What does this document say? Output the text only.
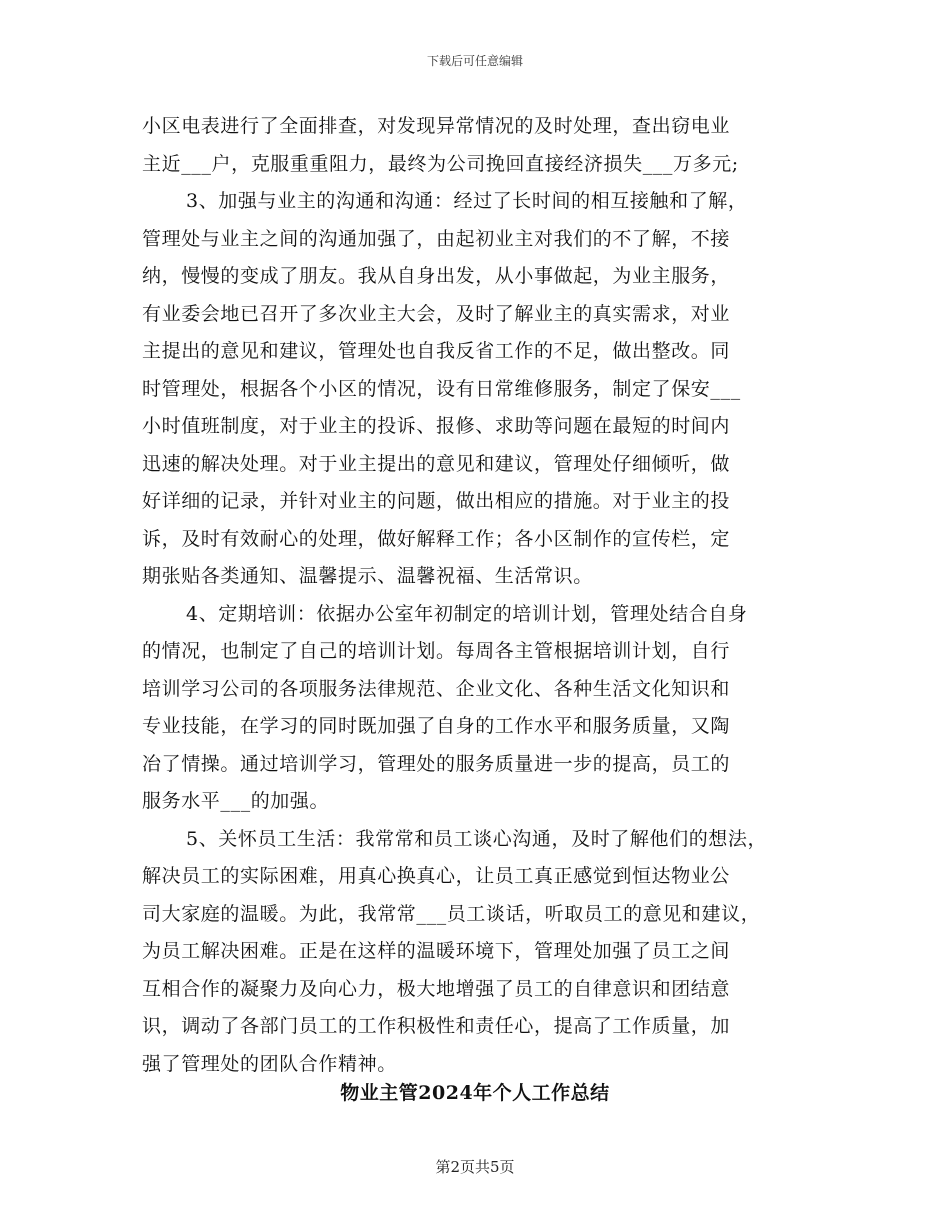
下载后可任意编辑
小区电表进行了全面排查，对发现异常情况的及时处理，查出窃电业
主近___户，克服重重阻力，最终为公司挽回直接经济损失___万多元;
3、加强与业主的沟通和沟通：经过了长时间的相互接触和了解，
管理处与业主之间的沟通加强了，由起初业主对我们的不了解，不接
纳，慢慢的变成了朋友。我从自身出发，从小事做起，为业主服务，
有业委会地已召开了多次业主大会，及时了解业主的真实需求，对业
主提出的意见和建议，管理处也自我反省工作的不足，做出整改。同
时管理处，根据各个小区的情况，设有日常维修服务，制定了保安___
小时值班制度，对于业主的投诉、报修、求助等问题在最短的时间内
迅速的解决处理。对于业主提出的意见和建议，管理处仔细倾听，做
好详细的记录，并针对业主的问题，做出相应的措施。对于业主的投
诉，及时有效耐心的处理，做好解释工作；各小区制作的宣传栏，定
期张贴各类通知、温馨提示、温馨祝福、生活常识。
4、定期培训：依据办公室年初制定的培训计划，管理处结合自身
的情况，也制定了自己的培训计划。每周各主管根据培训计划，自行
培训学习公司的各项服务法律规范、企业文化、各种生活文化知识和
专业技能，在学习的同时既加强了自身的工作水平和服务质量，又陶
冶了情操。通过培训学习，管理处的服务质量进一步的提高，员工的
服务水平___的加强。
5、关怀员工生活：我常常和员工谈心沟通，及时了解他们的想法，
解决员工的实际困难，用真心换真心，让员工真正感觉到恒达物业公
司大家庭的温暖。为此，我常常___员工谈话，听取员工的意见和建议，
为员工解决困难。正是在这样的温暖环境下，管理处加强了员工之间
互相合作的凝聚力及向心力，极大地增强了员工的自律意识和团结意
识，调动了各部门员工的工作积极性和责任心，提高了工作质量，加
强了管理处的团队合作精神。
物业主管2024年个人工作总结
第2页共5页
